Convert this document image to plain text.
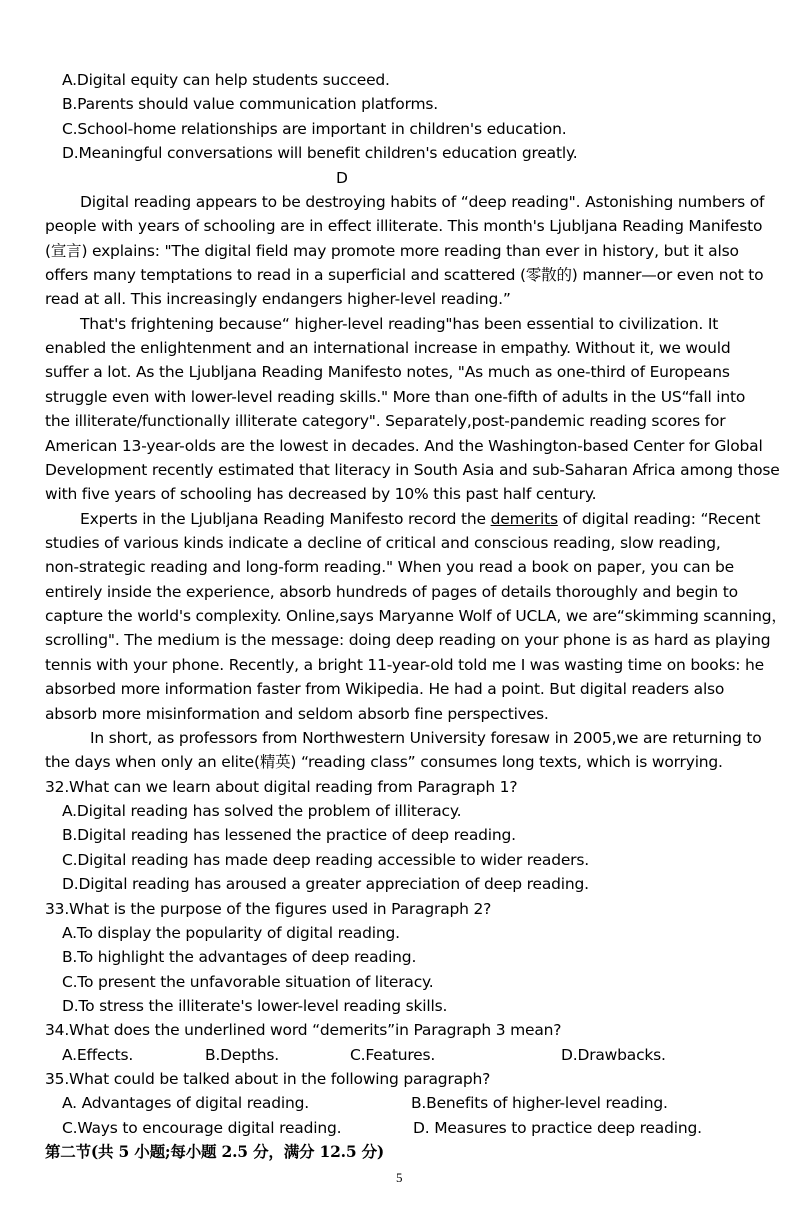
A.Digital equity can help students succeed.
B.Parents should value communication platforms.
C.School-home relationships are important in children's education.
D.Meaningful conversations will benefit children's education greatly.
D
Digital reading appears to be destroying habits of “deep reading". Astonishing numbers of
people with years of schooling are in effect illiterate. This month's Ljubljana Reading Manifesto
(宣言) explains: "The digital field may promote more reading than ever in history, but it also
offers many temptations to read in a superficial and scattered (零散的) manner—or even not to
read at all. This increasingly endangers higher-level reading.”
That's frightening because“ higher-level reading"has been essential to civilization. It
enabled the enlightenment and an international increase in empathy. Without it, we would
suffer a lot. As the Ljubljana Reading Manifesto notes, "As much as one-third of Europeans
struggle even with lower-level reading skills." More than one-fifth of adults in the US“fall into
the illiterate/functionally illiterate category". Separately,post-pandemic reading scores for
American 13-year-olds are the lowest in decades. And the Washington-based Center for Global
Development recently estimated that literacy in South Asia and sub-Saharan Africa among those
with five years of schooling has decreased by 10% this past half century.
Experts in the Ljubljana Reading Manifesto record the demerits of digital reading: “Recent
studies of various kinds indicate a decline of critical and conscious reading, slow reading,
non-strategic reading and long-form reading." When you read a book on paper, you can be
entirely inside the experience, absorb hundreds of pages of details thoroughly and begin to
capture the world's complexity. Online,says Maryanne Wolf of UCLA, we are“skimming scanning，
scrolling". The medium is the message: doing deep reading on your phone is as hard as playing
tennis with your phone. Recently, a bright 11-year-old told me I was wasting time on books: he
absorbed more information faster from Wikipedia. He had a point. But digital readers also
absorb more misinformation and seldom absorb fine perspectives.
In short, as professors from Northwestern University foresaw in 2005,we are returning to
the days when only an elite(精英) “reading class” consumes long texts, which is worrying.
32.What can we learn about digital reading from Paragraph 1?
A.Digital reading has solved the problem of illiteracy.
B.Digital reading has lessened the practice of deep reading.
C.Digital reading has made deep reading accessible to wider readers.
D.Digital reading has aroused a greater appreciation of deep reading.
33.What is the purpose of the figures used in Paragraph 2?
A.To display the popularity of digital reading.
B.To highlight the advantages of deep reading.
C.To present the unfavorable situation of literacy.
D.To stress the illiterate's lower-level reading skills.
34.What does the underlined word “demerits”in Paragraph 3 mean?
A.Effects.	B.Depths.	C.Features.	D.Drawbacks.
35.What could be talked about in the following paragraph?
A. Advantages of digital reading.	B.Benefits of higher-level reading.
C.Ways to encourage digital reading.	D. Measures to practice deep reading.
第二节(共 5 小题;每小题 2.5 分，满分 12.5 分)
5
